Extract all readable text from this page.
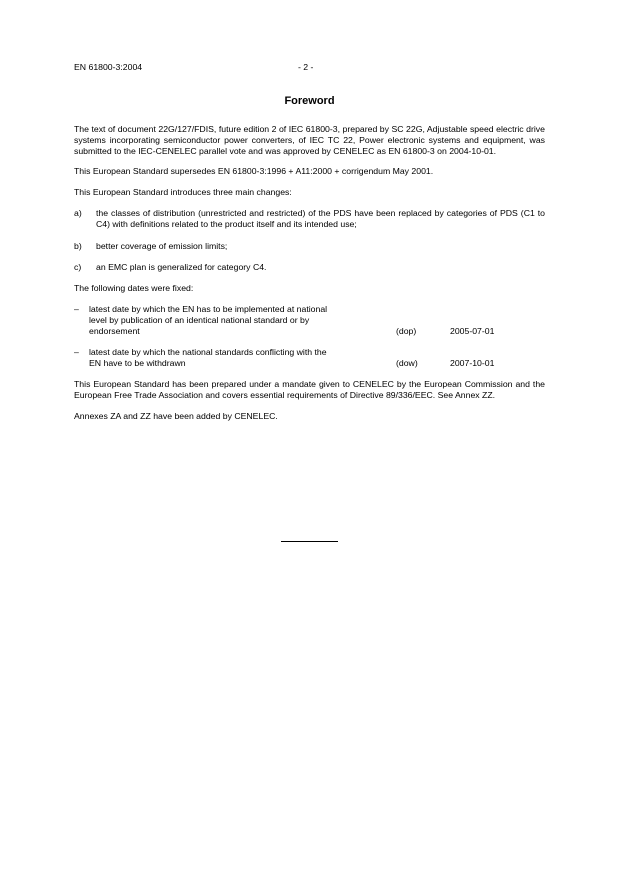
EN 61800-3:2004	- 2 -
Foreword

The text of document 22G/127/FDIS, future edition 2 of IEC 61800-3, prepared by SC 22G, Adjustable speed electric drive systems incorporating semiconductor power converters, of IEC TC 22, Power electronic systems and equipment, was submitted to the IEC-CENELEC parallel vote and was approved by CENELEC as EN 61800-3 on 2004-10-01.

This European Standard supersedes EN 61800-3:1996 + A11:2000 + corrigendum May 2001.

This European Standard introduces three main changes:

a)	the classes of distribution (unrestricted and restricted) of the PDS have been replaced by categories of PDS (C1 to C4) with definitions related to the product itself and its intended use;
b)	better coverage of emission limits;
c)	an EMC plan is generalized for category C4.

The following dates were fixed:

– latest date by which the EN has to be implemented at national level by publication of an identical national standard or by endorsement	(dop)	2005-07-01
– latest date by which the national standards conflicting with the EN have to be withdrawn	(dow)	2007-10-01

This European Standard has been prepared under a mandate given to CENELEC by the European Commission and the European Free Trade Association and covers essential requirements of Directive 89/336/EEC. See Annex ZZ.

Annexes ZA and ZZ have been added by CENELEC.
